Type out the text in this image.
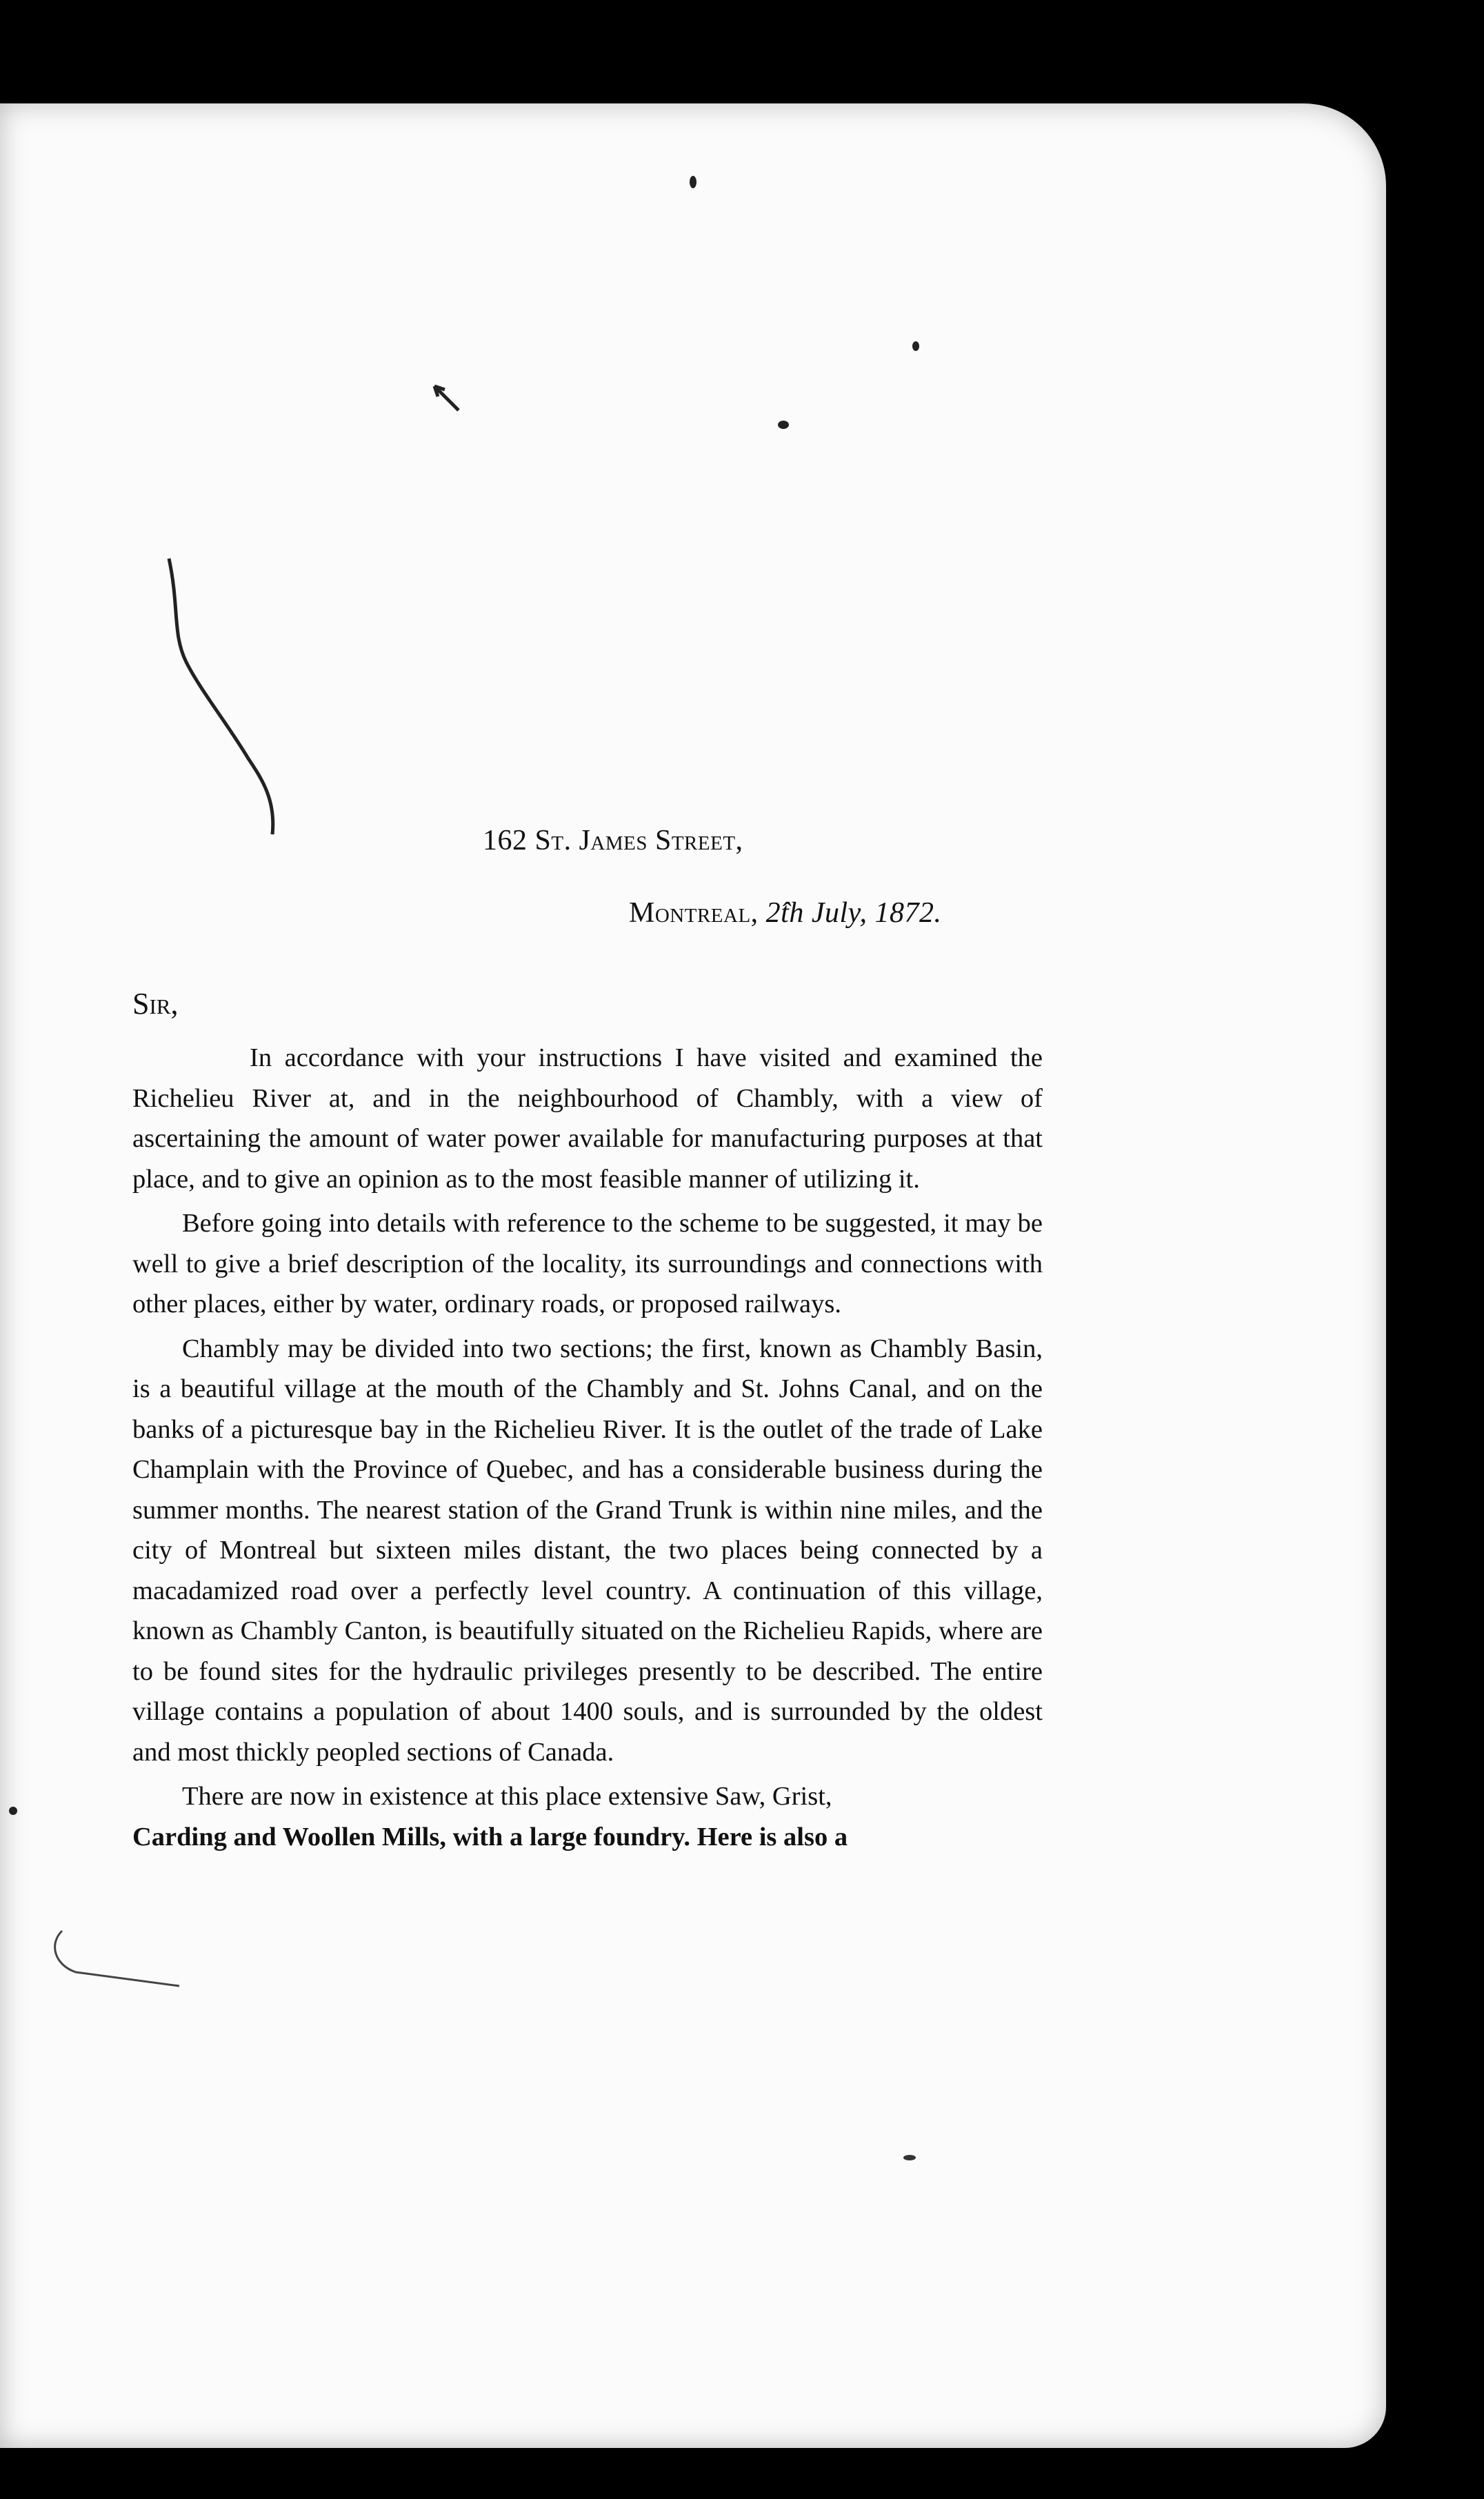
162 St. James Street,
Montreal, 2̂th July, 1872.
Sir,

In accordance with your instructions I have visited and examined the Richelieu River at, and in the neighbourhood of Chambly, with a view of ascertaining the amount of water power available for manufacturing purposes at that place, and to give an opinion as to the most feasible manner of utilizing it.

Before going into details with reference to the scheme to be suggested, it may be well to give a brief description of the locality, its surroundings and connections with other places, either by water, ordinary roads, or proposed railways.

Chambly may be divided into two sections; the first, known as Chambly Basin, is a beautiful village at the mouth of the Chambly and St. Johns Canal, and on the banks of a picturesque bay in the Richelieu River. It is the outlet of the trade of Lake Champlain with the Province of Quebec, and has a considerable business during the summer months. The nearest station of the Grand Trunk is within nine miles, and the city of Montreal but sixteen miles distant, the two places being connected by a macadamized road over a perfectly level country. A continuation of this village, known as Chambly Canton, is beautifully situated on the Richelieu Rapids, where are to be found sites for the hydraulic privileges presently to be described. The entire village contains a population of about 1400 souls, and is surrounded by the oldest and most thickly peopled sections of Canada.

There are now in existence at this place extensive Saw, Grist,

Carding and Woollen Mills, with a large foundry. Here is also a
